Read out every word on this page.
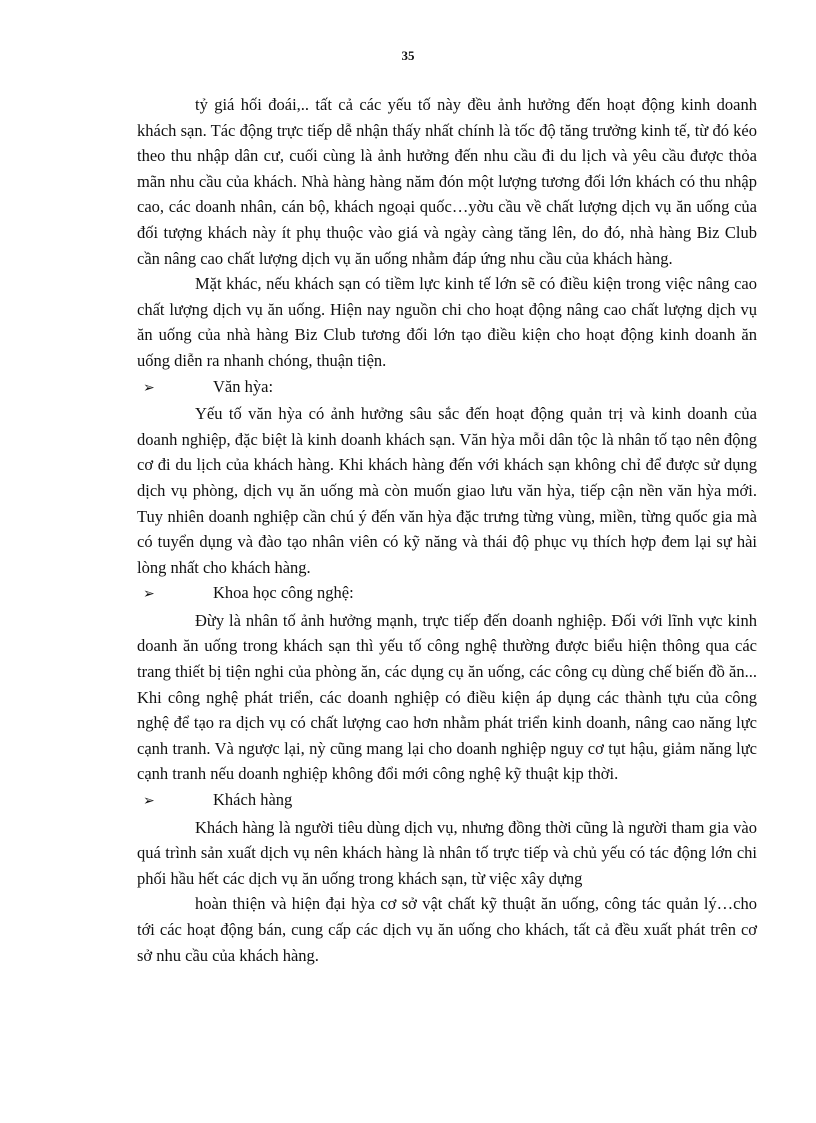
35

tỷ giá hối đoái,.. tất cả các yếu tố này đều ảnh hưởng đến hoạt động kinh doanh khách sạn. Tác động trực tiếp dễ nhận thấy nhất chính là tốc độ tăng trưởng kinh tế, từ đó kéo theo thu nhập dân cư, cuối cùng là ảnh hưởng đến nhu cầu đi du lịch và yêu cầu được thỏa mãn nhu cầu của khách. Nhà hàng hàng năm đón một lượng tương đối lớn khách có thu nhập cao, các doanh nhân, cán bộ, khách ngoại quốc…yờu cầu về chất lượng dịch vụ ăn uống của đối tượng khách này ít phụ thuộc vào giá và ngày càng tăng lên, do đó, nhà hàng Biz Club cần nâng cao chất lượng dịch vụ ăn uống nhằm đáp ứng nhu cầu của khách hàng.

Mặt khác, nếu khách sạn có tiềm lực kinh tế lớn sẽ có điều kiện trong việc nâng cao chất lượng dịch vụ ăn uống. Hiện nay nguồn chi cho hoạt động nâng cao chất lượng dịch vụ ăn uống của nhà hàng Biz Club tương đối lớn tạo điều kiện cho hoạt động kinh doanh ăn uống diễn ra nhanh chóng, thuận tiện.

➢	Văn hỳa:

Yếu tố văn hỳa có ảnh hưởng sâu sắc đến hoạt động quản trị và kinh doanh của doanh nghiệp, đặc biệt là kinh doanh khách sạn. Văn hỳa mỗi dân tộc là nhân tố tạo nên động cơ đi du lịch của khách hàng. Khi khách hàng đến với khách sạn không chỉ để được sử dụng dịch vụ phòng, dịch vụ ăn uống mà còn muốn giao lưu văn hỳa, tiếp cận nền văn hỳa mới. Tuy nhiên doanh nghiệp cần chú ý đến văn hỳa đặc trưng từng vùng, miền, từng quốc gia mà có tuyển dụng và đào tạo nhân viên có kỹ năng và thái độ phục vụ thích hợp đem lại sự hài lòng nhất cho khách hàng.

➢	Khoa học công nghệ:

Đừy là nhân tố ảnh hưởng mạnh, trực tiếp đến doanh nghiệp. Đối với lĩnh vực kinh doanh ăn uống trong khách sạn thì yếu tố công nghệ thường được biểu hiện thông qua các trang thiết bị tiện nghi của phòng ăn, các dụng cụ ăn uống, các công cụ dùng chế biến đồ ăn... Khi công nghệ phát triển, các doanh nghiệp có điều kiện áp dụng các thành tựu của công nghệ để tạo ra dịch vụ có chất lượng cao hơn nhằm phát triển kinh doanh, nâng cao năng lực cạnh tranh. Và ngược lại, nỳ cũng mang lại cho doanh nghiệp nguy cơ tụt hậu, giảm năng lực cạnh tranh nếu doanh nghiệp không đổi mới công nghệ kỹ thuật kịp thời.

➢	Khách hàng

Khách hàng là người tiêu dùng dịch vụ, nhưng đồng thời cũng là người tham gia vào quá trình sản xuất dịch vụ nên khách hàng là nhân tố trực tiếp và chủ yếu có tác động lớn chi phối hầu hết các dịch vụ ăn uống trong khách sạn, từ việc xây dựng

hoàn thiện và hiện đại hỳa cơ sở vật chất kỹ thuật ăn uống, công tác quản lý…cho tới các hoạt động bán, cung cấp các dịch vụ ăn uống cho khách, tất cả đều xuất phát trên cơ sở nhu cầu của khách hàng.
